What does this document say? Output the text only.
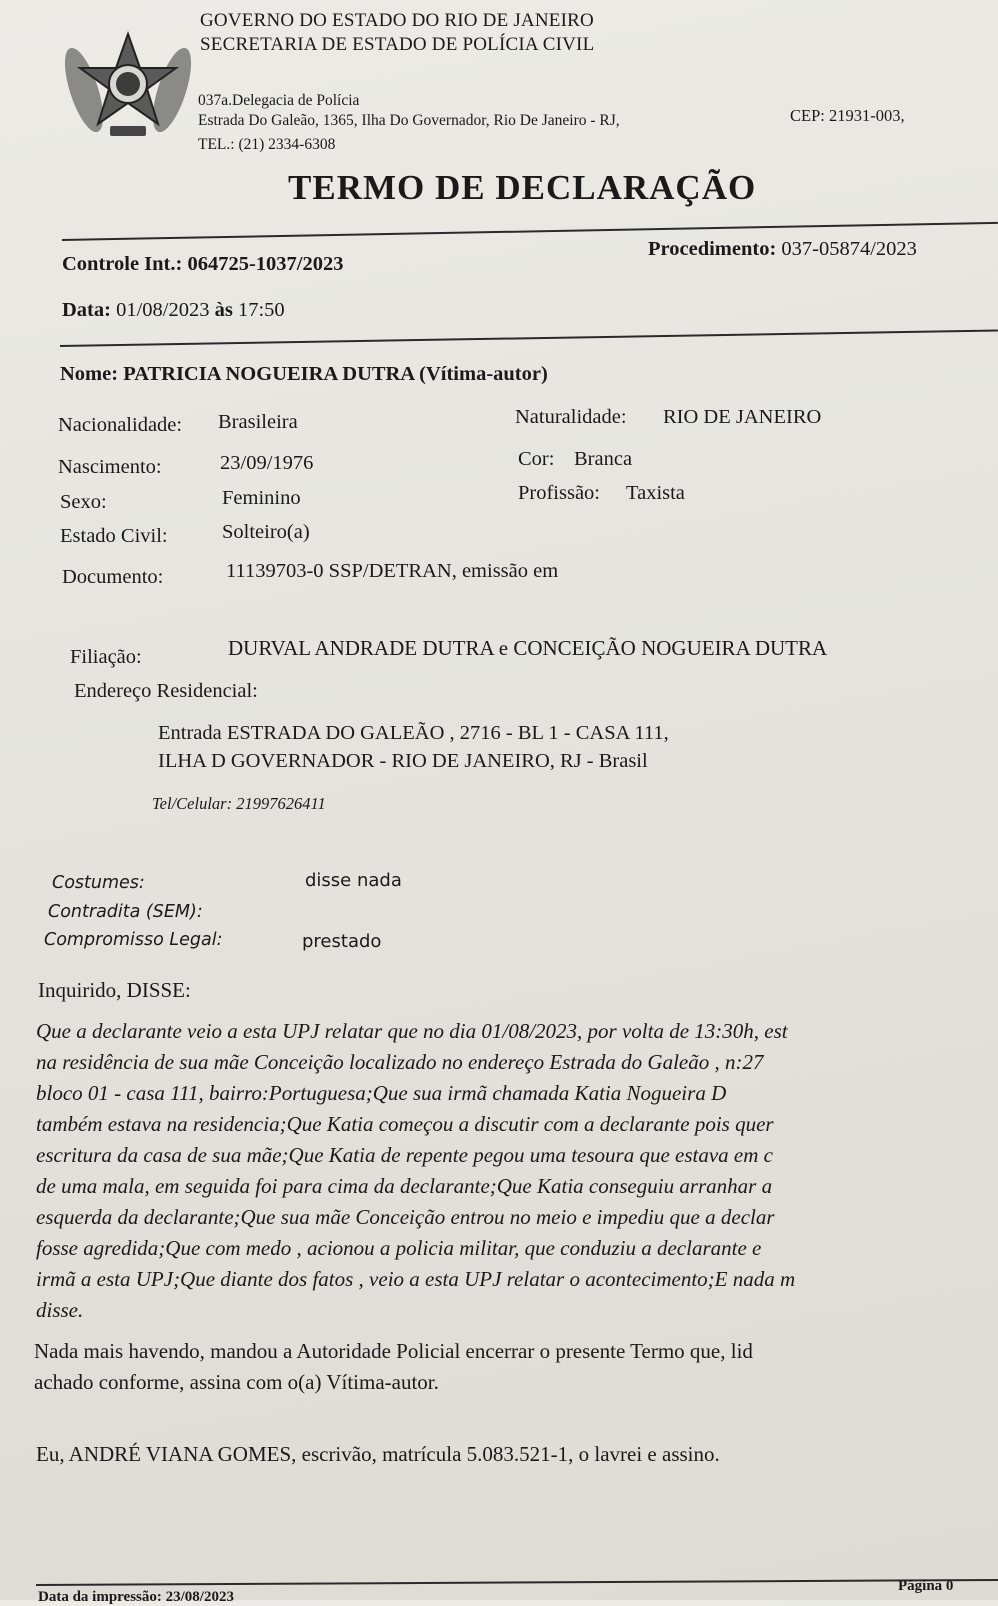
GOVERNO DO ESTADO DO RIO DE JANEIRO
SECRETARIA DE ESTADO DE POLÍCIA CIVIL
037a.Delegacia de Polícia
Estrada Do Galeão, 1365, Ilha Do Governador, Rio De Janeiro - RJ,	CEP: 21931-003,
TEL.: (21) 2334-6308
TERMO DE DECLARAÇÃO
Controle Int.: 064725-1037/2023
Procedimento: 037-05874/2023
Data: 01/08/2023 às 17:50
Nome: PATRICIA NOGUEIRA DUTRA (Vítima-autor)
Nacionalidade: Brasileira	Naturalidade: RIO DE JANEIRO
Nascimento:	23/09/1976	Cor: Branca
Sexo:	Feminino	Profissão: Taxista
Estado Civil:	Solteiro(a)
Documento:	11139703-0 SSP/DETRAN, emissão em
Filiação:	DURVAL ANDRADE DUTRA e CONCEIÇÃO NOGUEIRA DUTRA
Endereço Residencial:
Entrada ESTRADA DO GALEÃO , 2716 - BL 1 - CASA 111,
ILHA D GOVERNADOR - RIO DE JANEIRO, RJ - Brasil
Tel/Celular: 21997626411
Costumes:	disse nada
Contradita (SEM):
Compromisso Legal:	prestado
Inquirido, DISSE:
Que a declarante veio a esta UPJ relatar que no dia 01/08/2023, por volta de 13:30h, est
na residência de sua mãe Conceição localizado no endereço Estrada do Galeão , n:27
bloco 01 - casa 111, bairro:Portuguesa;Que sua irmã chamada Katia Nogueira D
também estava na residencia;Que Katia começou a discutir com a declarante pois quer
escritura da casa de sua mãe;Que Katia de repente pegou uma tesoura que estava em c
de uma mala, em seguida foi para cima da declarante;Que Katia conseguiu arranhar a
esquerda da declarante;Que sua mãe Conceição entrou no meio e impediu que a declar
fosse agredida;Que com medo , acionou a policia militar, que conduziu a declarante e
irmã a esta UPJ;Que diante dos fatos , veio a esta UPJ relatar o acontecimento;E nada m
disse.
Nada mais havendo, mandou a Autoridade Policial encerrar o presente Termo que, lid
achado conforme, assina com o(a) Vítima-autor.
Eu, ANDRÉ VIANA GOMES, escrivão, matrícula 5.083.521-1, o lavrei e assino.
Data da impressão: 23/08/2023
Página 0
